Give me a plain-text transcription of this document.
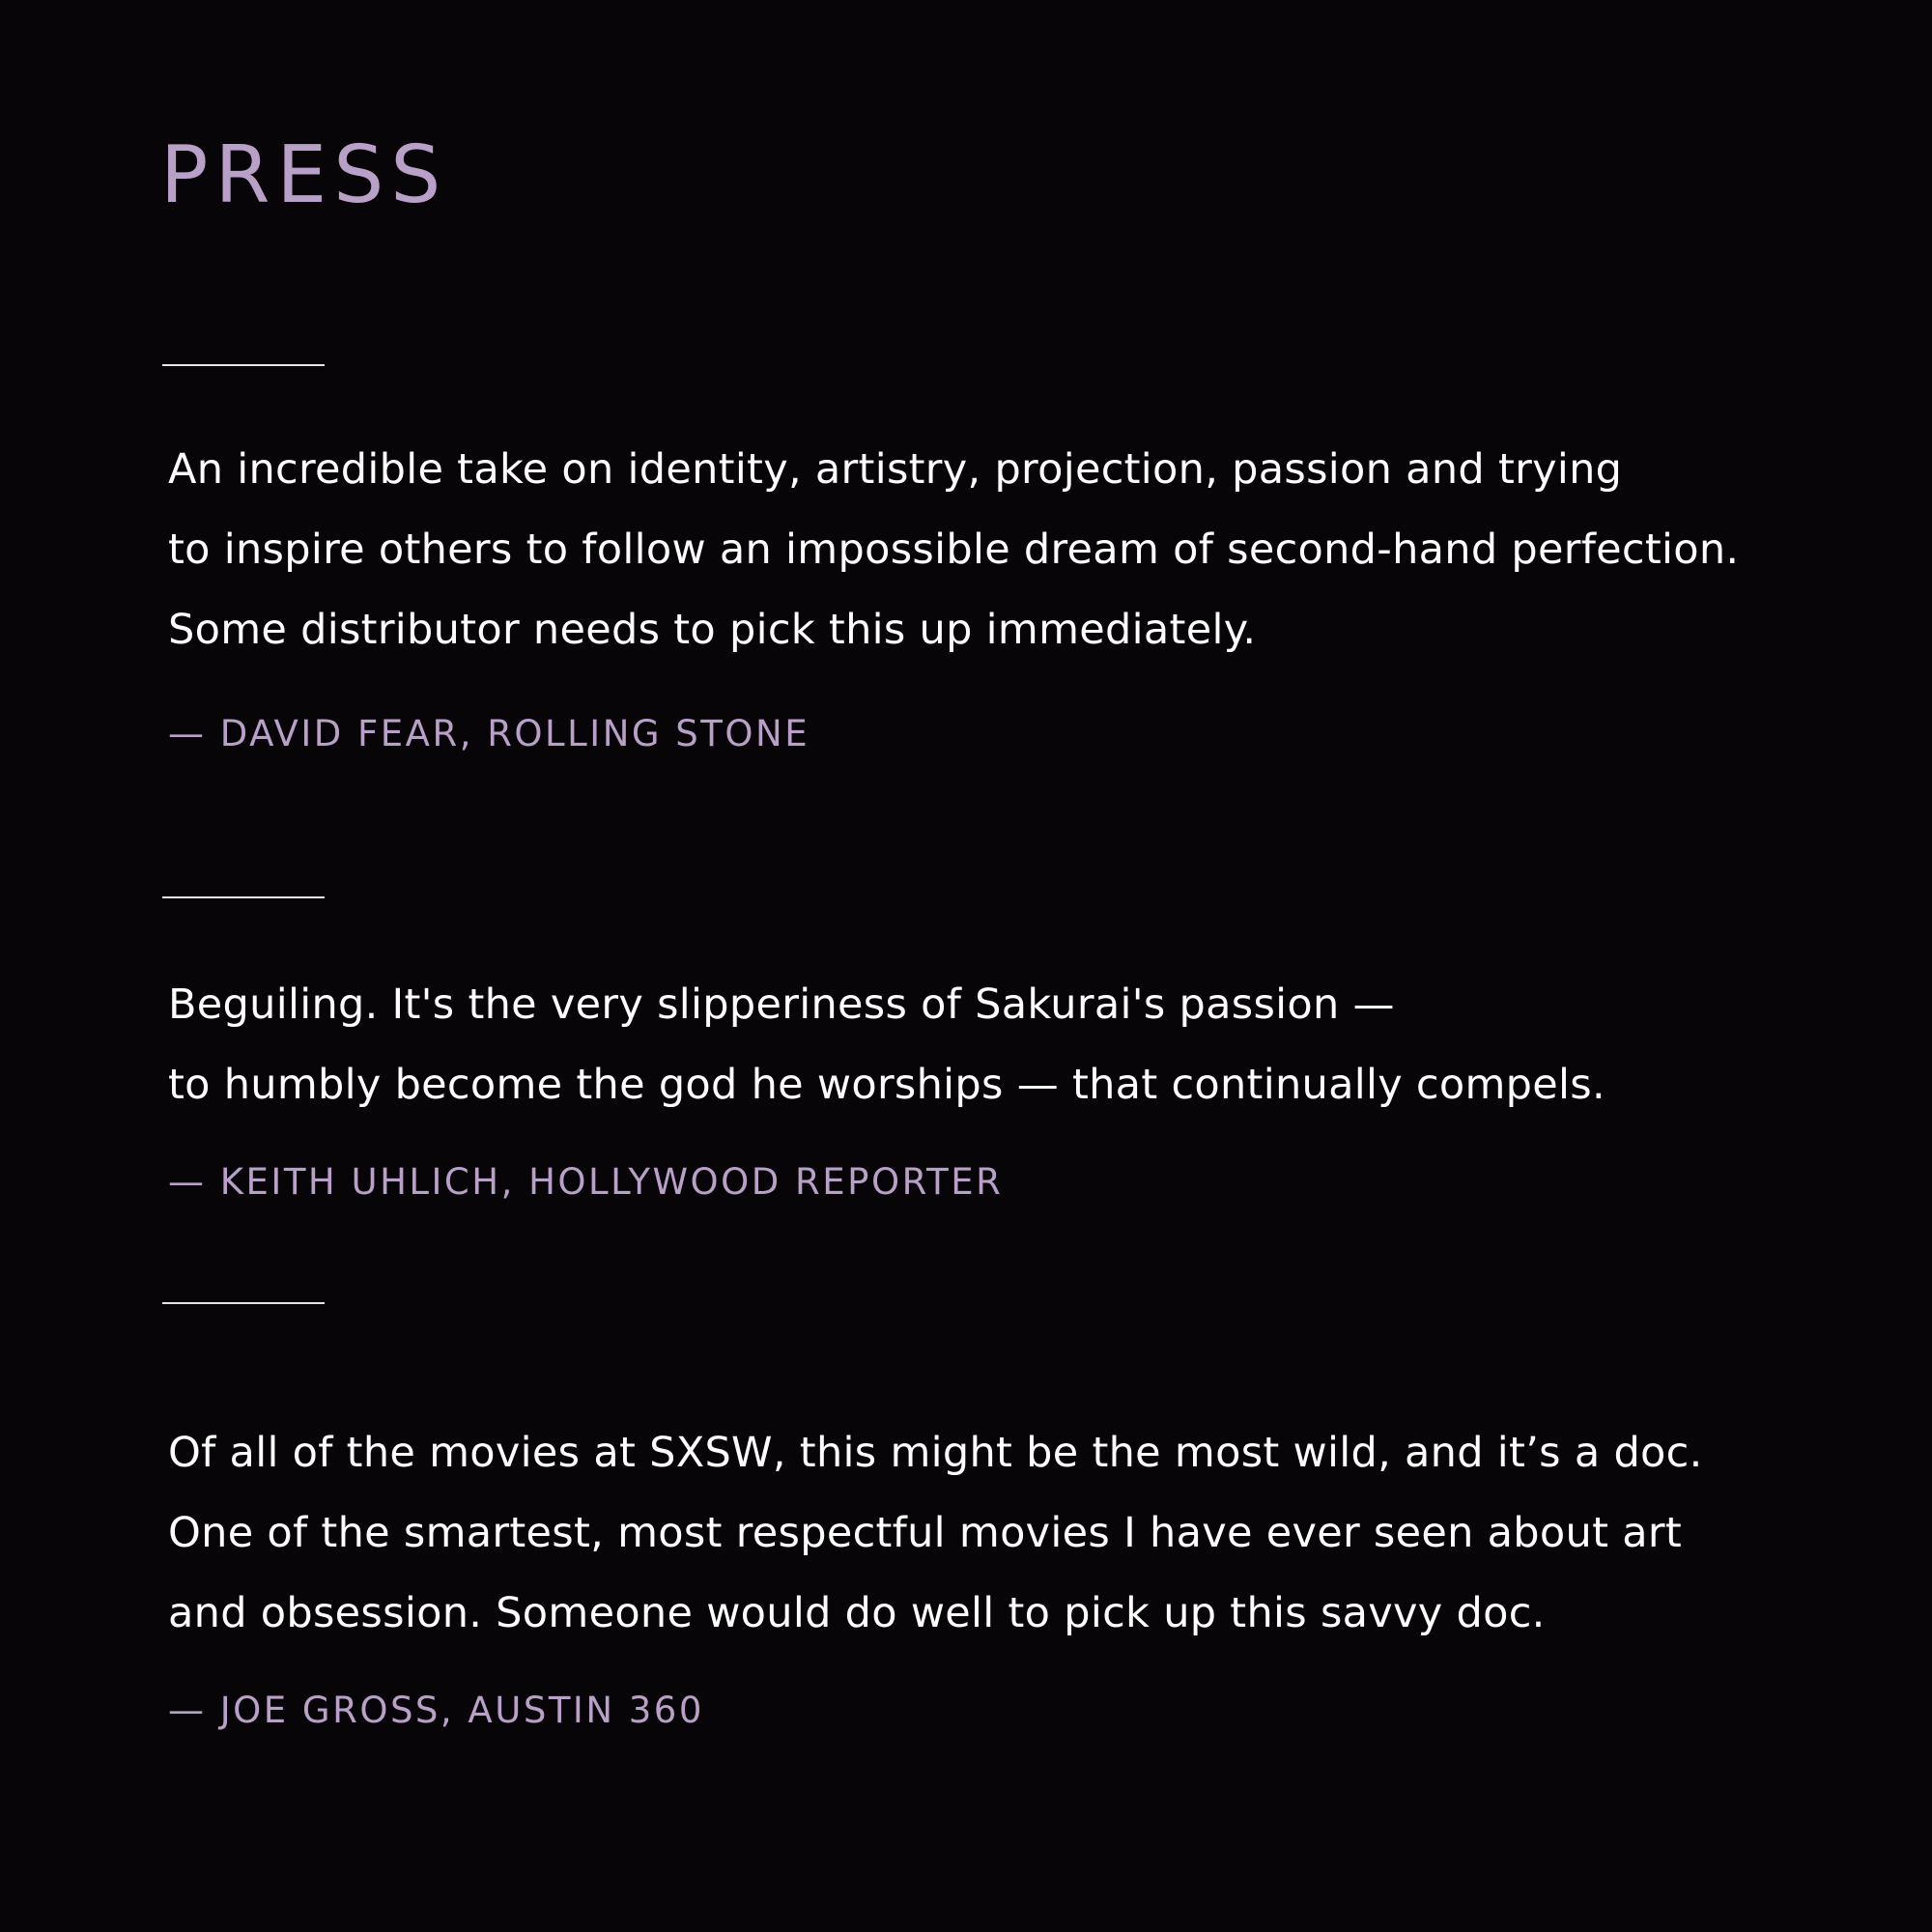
PRESS

An incredible take on identity, artistry, projection, passion and trying
to inspire others to follow an impossible dream of second-hand perfection.
Some distributor needs to pick this up immediately.

— DAVID FEAR, ROLLING STONE

Beguiling. It's the very slipperiness of Sakurai's passion —
to humbly become the god he worships — that continually compels.

— KEITH UHLICH, HOLLYWOOD REPORTER

Of all of the movies at SXSW, this might be the most wild, and it’s a doc.
One of the smartest, most respectful movies I have ever seen about art
and obsession. Someone would do well to pick up this savvy doc.

— JOE GROSS, AUSTIN 360
